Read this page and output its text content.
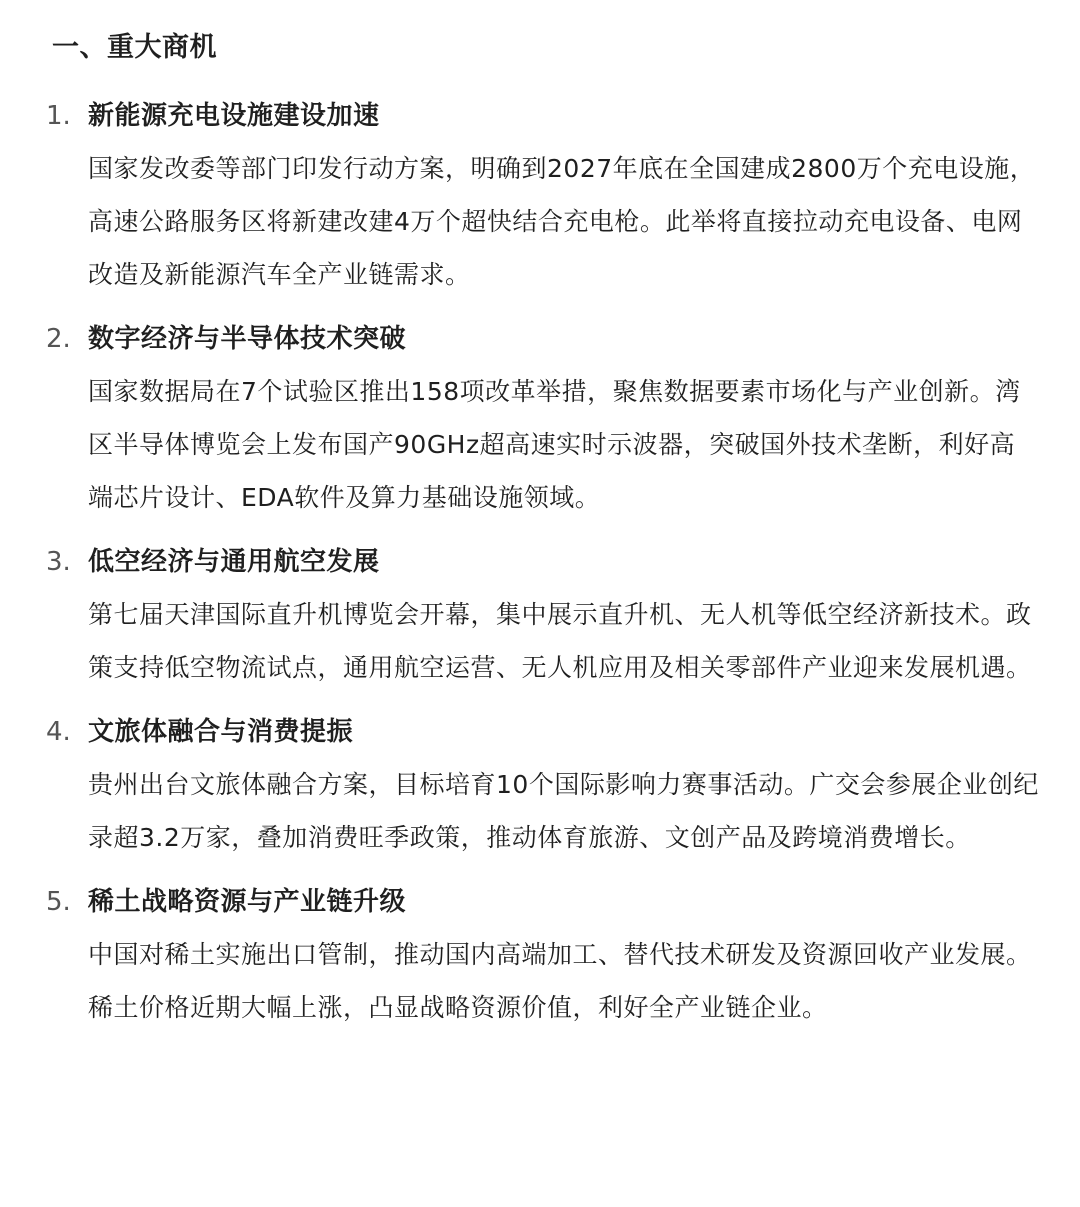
一、重大商机
1. 新能源充电设施建设加速
国家发改委等部门印发行动方案，明确到2027年底在全国建成2800万个充电设施，高速公路服务区将新建改建4万个超快结合充电枪。此举将直接拉动充电设备、电网改造及新能源汽车全产业链需求。
2. 数字经济与半导体技术突破
国家数据局在7个试验区推出158项改革举措，聚焦数据要素市场化与产业创新。湾区半导体博览会上发布国产90GHz超高速实时示波器，突破国外技术垄断，利好高端芯片设计、EDA软件及算力基础设施领域。
3. 低空经济与通用航空发展
第七届天津国际直升机博览会开幕，集中展示直升机、无人机等低空经济新技术。政策支持低空物流试点，通用航空运营、无人机应用及相关零部件产业迎来发展机遇。
4. 文旅体融合与消费提振
贵州出台文旅体融合方案，目标培育10个国际影响力赛事活动。广交会参展企业创纪录超3.2万家，叠加消费旺季政策，推动体育旅游、文创产品及跨境消费增长。
5. 稀土战略资源与产业链升级
中国对稀土实施出口管制，推动国内高端加工、替代技术研发及资源回收产业发展。稀土价格近期大幅上涨，凸显战略资源价值，利好全产业链企业。
